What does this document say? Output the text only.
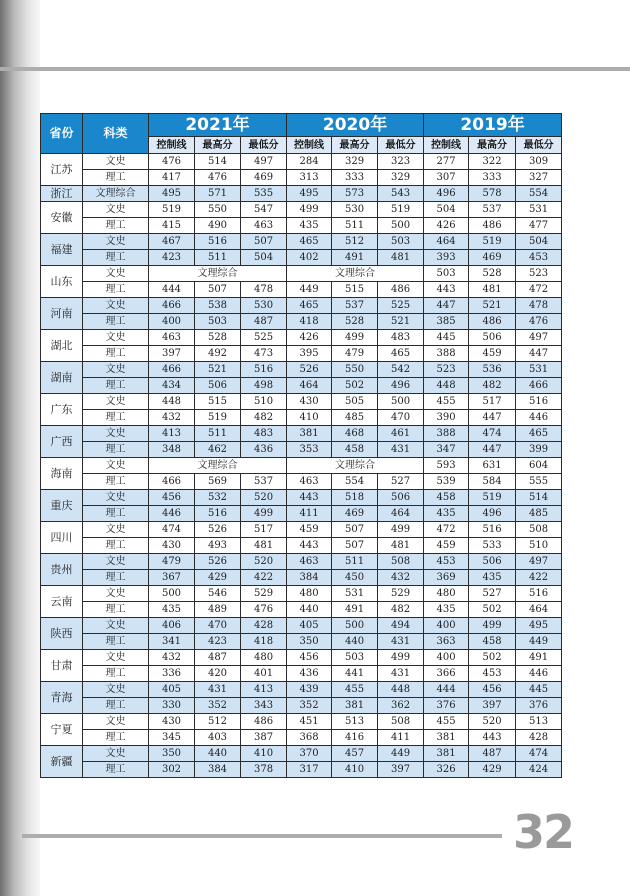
省份	科类	2021年			2020年			2019年		
		控制线	最高分	最低分	控制线	最高分	最低分	控制线	最高分	最低分
江苏	文史	476	514	497	284	329	323	277	322	309
	理工	417	476	469	313	333	329	307	333	327
浙江	文理综合	495	571	535	495	573	543	496	578	554
安徽	文史	519	550	547	499	530	519	504	537	531
	理工	415	490	463	435	511	500	426	486	477
福建	文史	467	516	507	465	512	503	464	519	504
	理工	423	511	504	402	491	481	393	469	453
山东	文史	文理综合			文理综合			503	528	523
	理工	444	507	478	449	515	486	443	481	472
河南	文史	466	538	530	465	537	525	447	521	478
	理工	400	503	487	418	528	521	385	486	476
湖北	文史	463	528	525	426	499	483	445	506	497
	理工	397	492	473	395	479	465	388	459	447
湖南	文史	466	521	516	526	550	542	523	536	531
	理工	434	506	498	464	502	496	448	482	466
广东	文史	448	515	510	430	505	500	455	517	516
	理工	432	519	482	410	485	470	390	447	446
广西	文史	413	511	483	381	468	461	388	474	465
	理工	348	462	436	353	458	431	347	447	399
海南	文史	文理综合			文理综合			593	631	604
	理工	466	569	537	463	554	527	539	584	555
重庆	文史	456	532	520	443	518	506	458	519	514
	理工	446	516	499	411	469	464	435	496	485
四川	文史	474	526	517	459	507	499	472	516	508
	理工	430	493	481	443	507	481	459	533	510
贵州	文史	479	526	520	463	511	508	453	506	497
	理工	367	429	422	384	450	432	369	435	422
云南	文史	500	546	529	480	531	529	480	527	516
	理工	435	489	476	440	491	482	435	502	464
陕西	文史	406	470	428	405	500	494	400	499	495
	理工	341	423	418	350	440	431	363	458	449
甘肃	文史	432	487	480	456	503	499	400	502	491
	理工	336	420	401	436	441	431	366	453	446
青海	文史	405	431	413	439	455	448	444	456	445
	理工	330	352	343	352	381	362	376	397	376
宁夏	文史	430	512	486	451	513	508	455	520	513
	理工	345	403	387	368	416	411	381	443	428
新疆	文史	350	440	410	370	457	449	381	487	474
	理工	302	384	378	317	410	397	326	429	424
32
